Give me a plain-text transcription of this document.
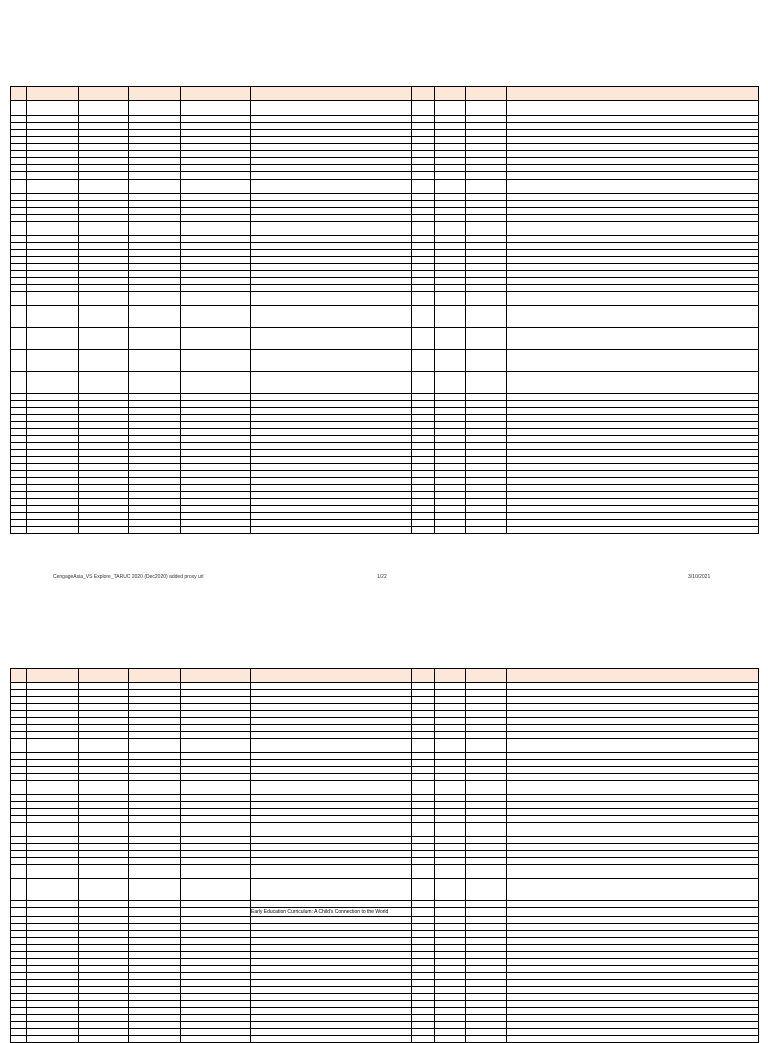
CengageAsia_VS Explore_TARUC 2020 (Dec2020) added proxy url	1/22	3/10/2021

					Early Education Curriculum: A Child's Connection to the World				
